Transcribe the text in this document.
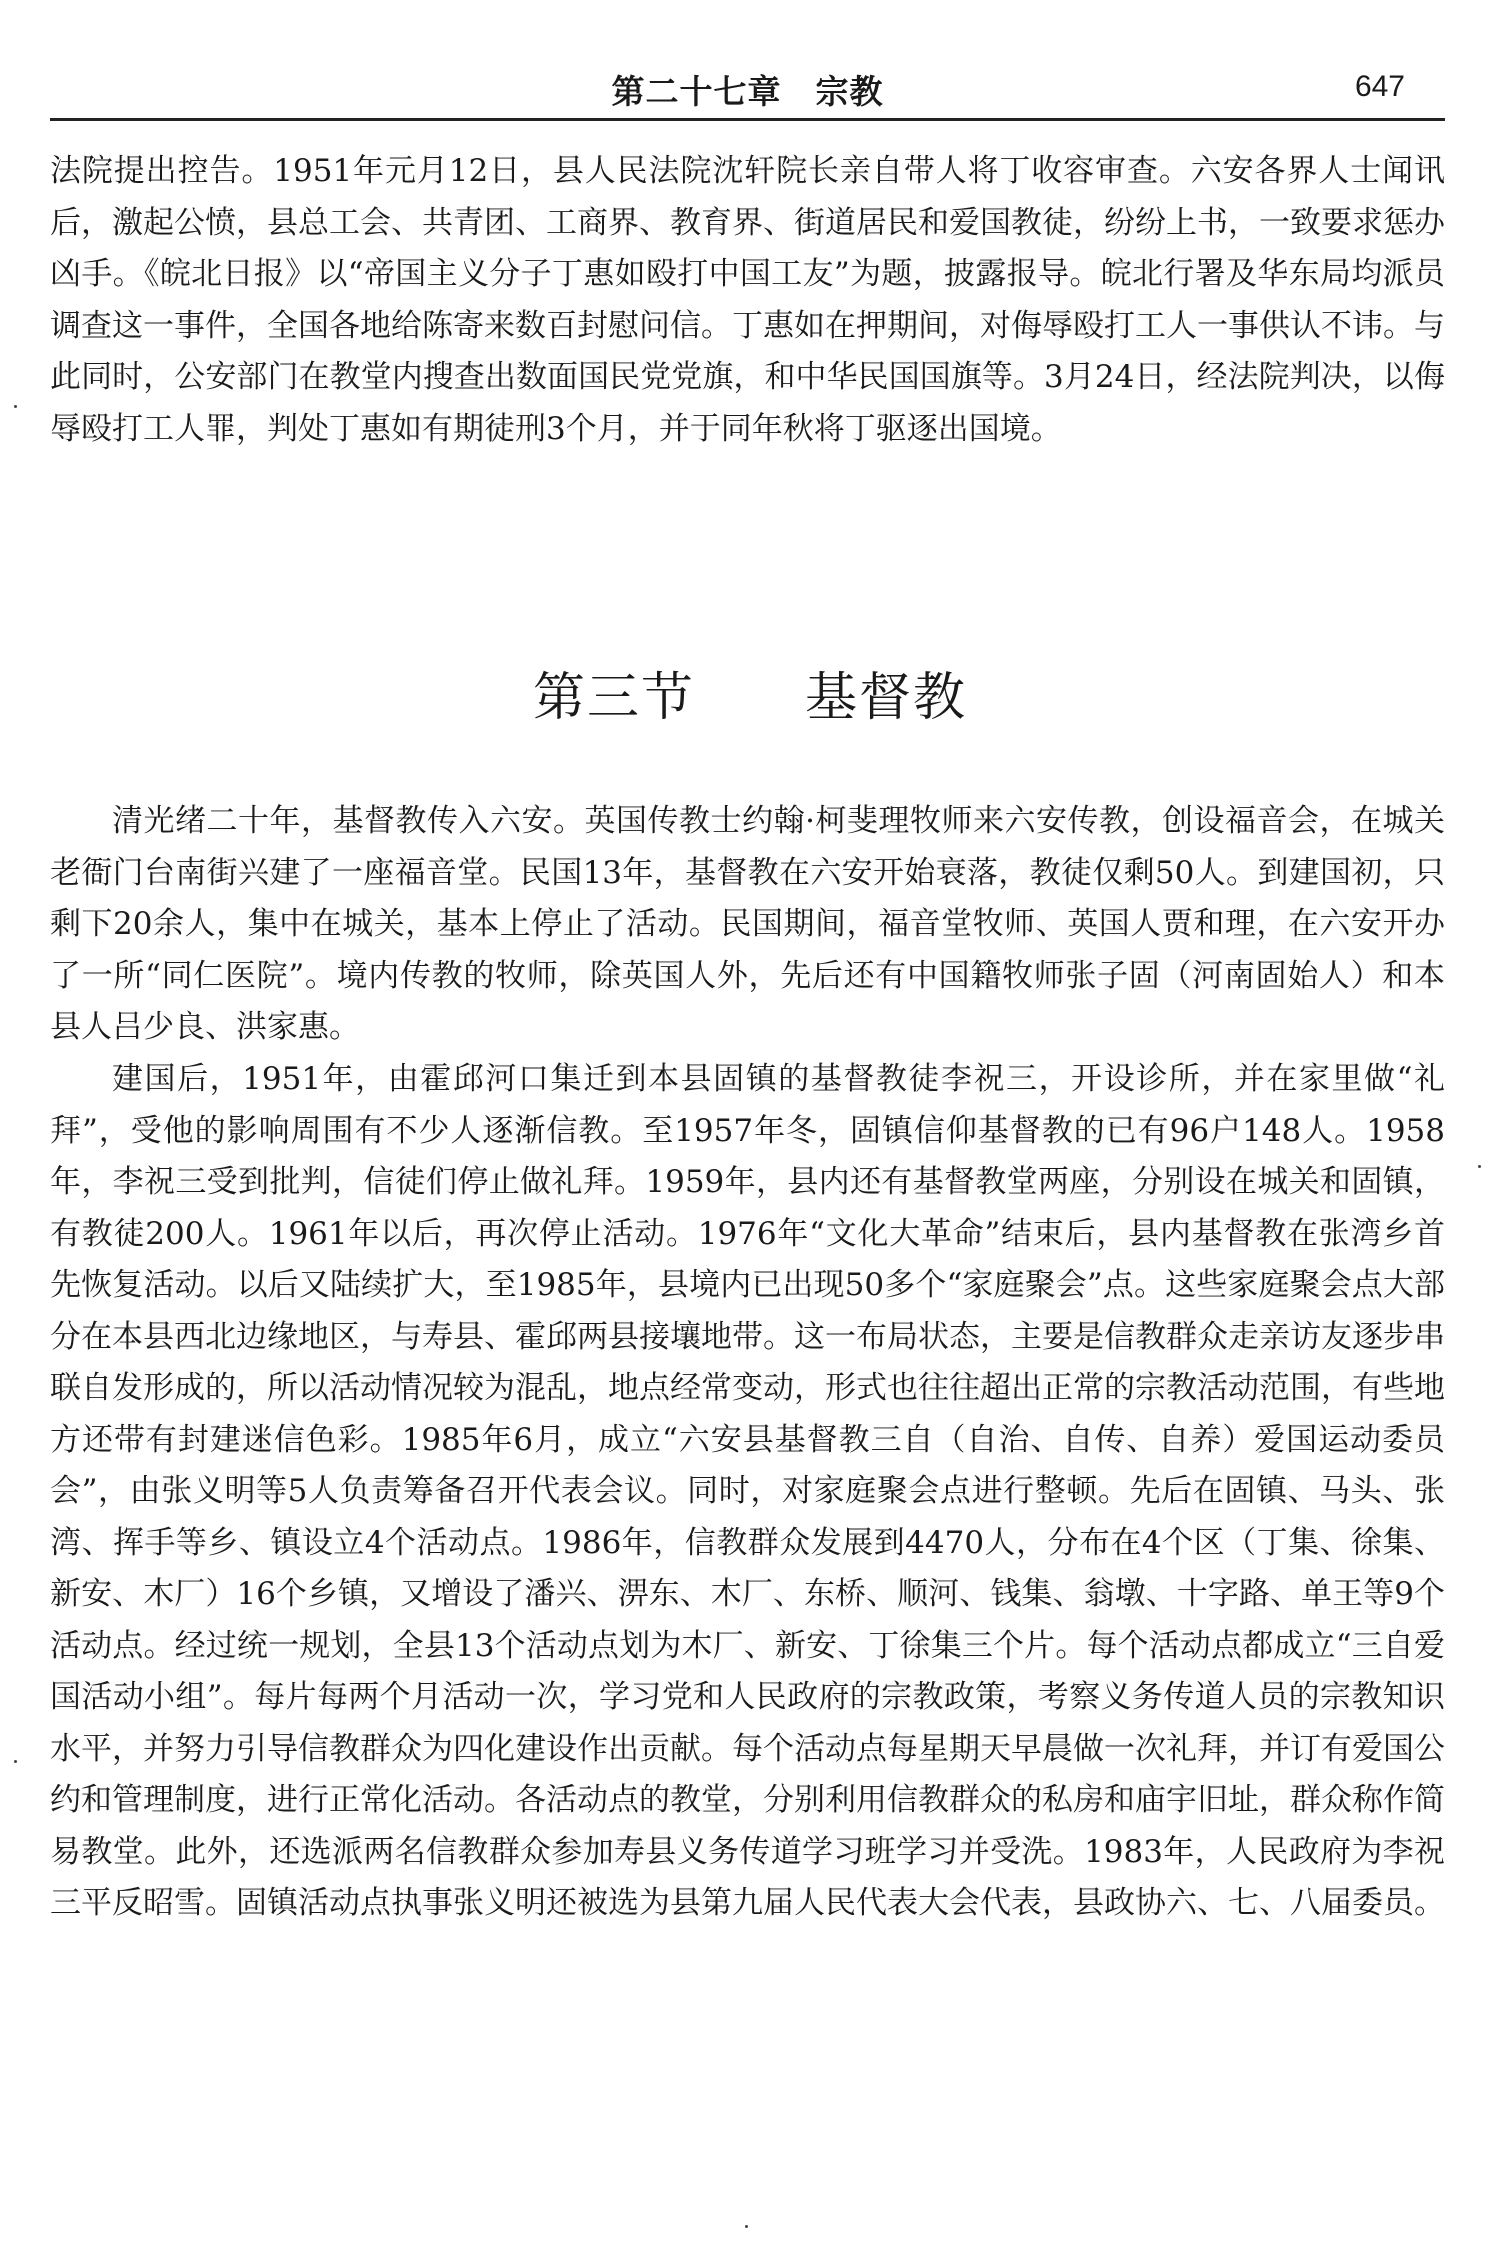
第二十七章　宗教	647

法院提出控告。1951年元月12日，县人民法院沈轩院长亲自带人将丁收容审查。六安各界人士闻讯后，激起公愤，县总工会、共青团、工商界、教育界、街道居民和爱国教徒，纷纷上书，一致要求惩办凶手。《皖北日报》以“帝国主义分子丁惠如殴打中国工友”为题，披露报导。皖北行署及华东局均派员调查这一事件，全国各地给陈寄来数百封慰问信。丁惠如在押期间，对侮辱殴打工人一事供认不讳。与此同时，公安部门在教堂内搜查出数面国民党党旗，和中华民国国旗等。3月24日，经法院判决，以侮辱殴打工人罪，判处丁惠如有期徒刑3个月，并于同年秋将丁驱逐出国境。

第三节 基督教

清光绪二十年，基督教传入六安。英国传教士约翰·柯斐理牧师来六安传教，创设福音会，在城关老衙门台南街兴建了一座福音堂。民国13年，基督教在六安开始衰落，教徒仅剩50人。到建国初，只剩下20余人，集中在城关，基本上停止了活动。民国期间，福音堂牧师、英国人贾和理，在六安开办了一所“同仁医院”。境内传教的牧师，除英国人外，先后还有中国籍牧师张子固（河南固始人）和本县人吕少良、洪家惠。

建国后，1951年，由霍邱河口集迁到本县固镇的基督教徒李祝三，开设诊所，并在家里做“礼拜”，受他的影响周围有不少人逐渐信教。至1957年冬，固镇信仰基督教的已有96户148人。1958年，李祝三受到批判，信徒们停止做礼拜。1959年，县内还有基督教堂两座，分别设在城关和固镇，有教徒200人。1961年以后，再次停止活动。1976年“文化大革命”结束后，县内基督教在张湾乡首先恢复活动。以后又陆续扩大，至1985年，县境内已出现50多个“家庭聚会”点。这些家庭聚会点大部分在本县西北边缘地区，与寿县、霍邱两县接壤地带。这一布局状态，主要是信教群众走亲访友逐步串联自发形成的，所以活动情况较为混乱，地点经常变动，形式也往往超出正常的宗教活动范围，有些地方还带有封建迷信色彩。1985年6月，成立“六安县基督教三自（自治、自传、自养）爱国运动委员会”，由张义明等5人负责筹备召开代表会议。同时，对家庭聚会点进行整顿。先后在固镇、马头、张湾、挥手等乡、镇设立4个活动点。1986年，信教群众发展到4470人，分布在4个区（丁集、徐集、新安、木厂）16个乡镇，又增设了潘兴、淠东、木厂、东桥、顺河、钱集、翁墩、十字路、单王等9个活动点。经过统一规划，全县13个活动点划为木厂、新安、丁徐集三个片。每个活动点都成立“三自爱国活动小组”。每片每两个月活动一次，学习党和人民政府的宗教政策，考察义务传道人员的宗教知识水平，并努力引导信教群众为四化建设作出贡献。每个活动点每星期天早晨做一次礼拜，并订有爱国公约和管理制度，进行正常化活动。各活动点的教堂，分别利用信教群众的私房和庙宇旧址，群众称作简易教堂。此外，还选派两名信教群众参加寿县义务传道学习班学习并受洗。1983年，人民政府为李祝三平反昭雪。固镇活动点执事张义明还被选为县第九届人民代表大会代表，县政协六、七、八届委员。
